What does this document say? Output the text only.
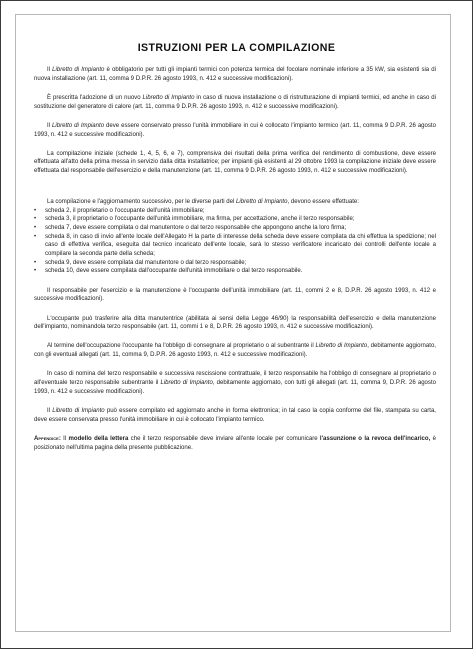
ISTRUZIONI PER LA COMPILAZIONE

Il Libretto di Impianto è obbligatorio per tutti gli impianti termici con potenza termica del focolare nominale inferiore a 35 kW, sia esistenti sia di nuova installazione (art. 11, comma 9 D.P.R. 26 agosto 1993, n. 412 e successive modificazioni).

È prescritta l'adozione di un nuovo Libretto di Impianto in caso di nuova installazione o di ristrutturazione di impianti termici, ed anche in caso di sostituzione del generatore di calore (art. 11, comma 9 D.P.R. 26 agosto 1993, n. 412 e successive modificazioni).

Il Libretto di Impianto deve essere conservato presso l'unità immobiliare in cui è collocato l'impianto termico (art. 11, comma 9 D.P.R. 26 agosto 1993, n. 412 e successive modificazioni).

La compilazione iniziale (schede 1, 4, 5, 6, e 7), comprensiva dei risultati della prima verifica del rendimento di combustione, deve essere effettuata all'atto della prima messa in servizio dalla ditta installatrice; per impianti già esistenti al 29 ottobre 1993 la compilazione iniziale deve essere effettuata dal responsabile dell'esercizio e della manutenzione (art. 11, comma 9 D.P.R. 26 agosto 1993, n. 412 e successive modificazioni).

La compilazione e l'aggiornamento successivo, per le diverse parti del Libretto di Impianto, devono essere effettuate:

• scheda 2, il proprietario o l'occupante dell'unità immobiliare;
• scheda 3, il proprietario o l'occupante dell'unità immobiliare, ma firma, per accettazione, anche il terzo responsabile;
• scheda 7, deve essere compilata o dal manutentore o dal terzo responsabile che appongono anche la loro firma;
• scheda 8, in caso di invio all'ente locale dell'Allegato H la parte di interesse della scheda deve essere compilata da chi effettua la spedizione; nel caso di effettiva verifica, eseguita dal tecnico incaricato dell'ente locale, sarà lo stesso verificatore incaricato dei controlli dell'ente locale a compilare la seconda parte della scheda;
• scheda 9, deve essere compilata dal manutentore o dal terzo responsabile;
• scheda 10, deve essere compilata dall'occupante dell'unità immobiliare o dal terzo responsabile.

Il responsabile per l'esercizio e la manutenzione è l'occupante dell'unità immobiliare (art. 11, commi 2 e 8, D.P.R. 26 agosto 1993, n. 412 e successive modificazioni).

L'occupante può trasferire alla ditta manutentrice (abilitata ai sensi della Legge 46/90) la responsabilità dell'esercizio e della manutenzione dell'impianto, nominandola terzo responsabile (art. 11, commi 1 e 8, D.P.R. 26 agosto 1993, n. 412 e successive modificazioni).

Al termine dell'occupazione l'occupante ha l'obbligo di consegnare al proprietario o al subentrante il Libretto di Impianto, debitamente aggiornato, con gli eventuali allegati (art. 11, comma 9, D.P.R. 26 agosto 1993, n. 412 e successive modificazioni).

In caso di nomina del terzo responsabile e successiva rescissione contrattuale, il terzo responsabile ha l'obbligo di consegnare al proprietario o all'eventuale terzo responsabile subentrante il Libretto di Impianto, debitamente aggiornato, con tutti gli allegati (art. 11, comma 9, D.P.R. 26 agosto 1993, n. 412 e successive modificazioni).

Il Libretto di Impianto può essere compilato ed aggiornato anche in forma elettronica; in tal caso la copia conforme del file, stampata su carta, deve essere conservata presso l'unità immobiliare in cui è collocato l'impianto termico.

Appendice: Il modello della lettera che il terzo responsabile deve inviare all'ente locale per comunicare l'assunzione o la revoca dell'incarico, è posizionato nell'ultima pagina della presente pubblicazione.
